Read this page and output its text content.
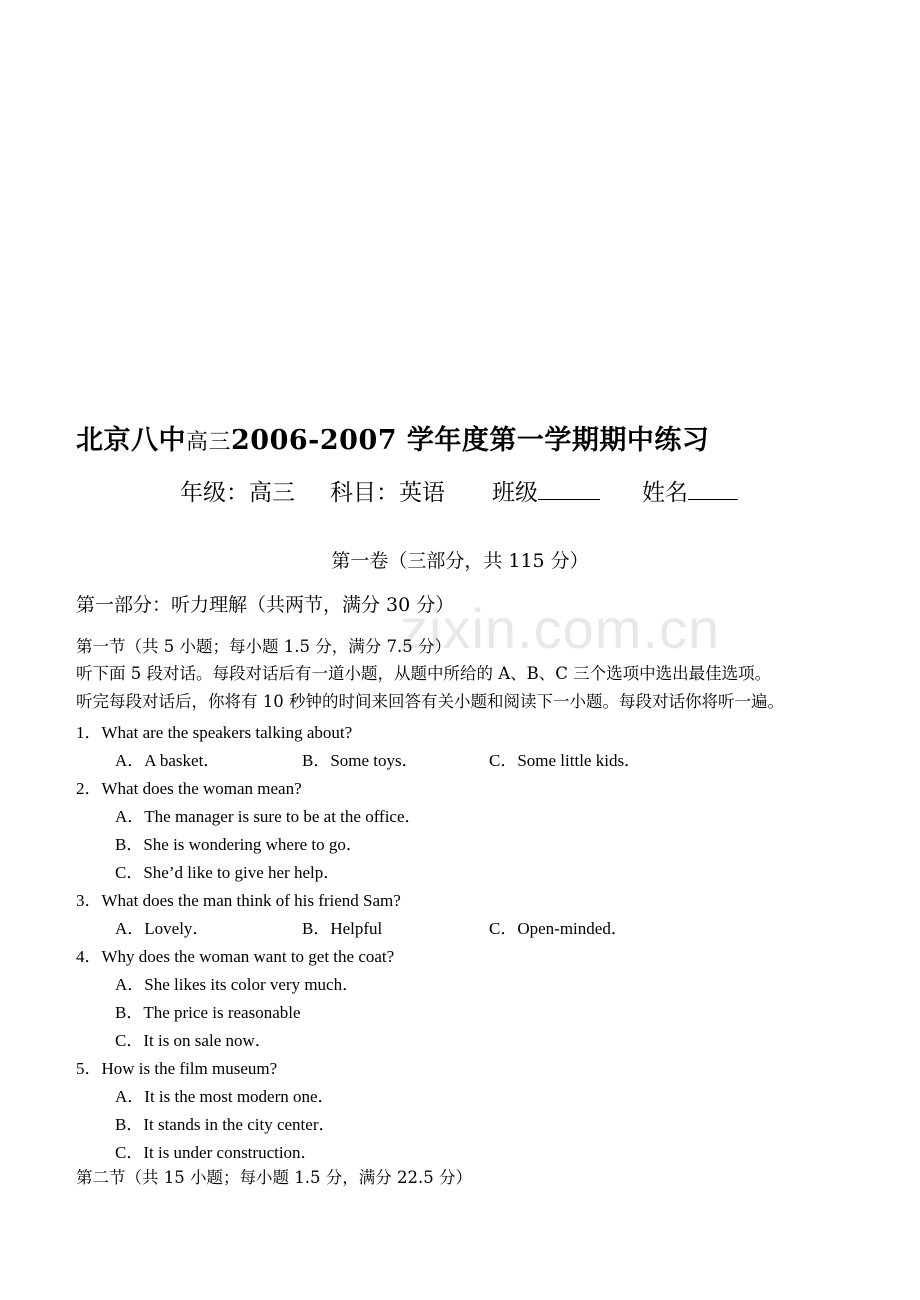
zixin.com.cn
北京八中高三2006-2007 学年度第一学期期中练习
年级：高三 科目：英语 班级	姓名
第一卷（三部分，共 115 分）
第一部分：听力理解（共两节，满分 30 分）
第一节（共 5 小题；每小题 1.5 分，满分 7.5 分）
听下面 5 段对话。每段对话后有一道小题，从题中所给的 A、B、C 三个选项中选出最佳选项。
听完每段对话后，你将有 10 秒钟的时间来回答有关小题和阅读下一小题。每段对话你将听一遍。
1．What are the speakers talking about?
A．A basket．	B．Some toys．	C．Some little kids．
2．What does the woman mean?
A．The manager is sure to be at the office．
B．She is wondering where to go．
C．She’d like to give her help．
3．What does the man think of his friend Sam?
A．Lovely．	B．Helpful	C．Open-minded．
4．Why does the woman want to get the coat?
A．She likes its color very much．
B．The price is reasonable
C．It is on sale now．
5．How is the film museum?
A．It is the most modern one．
B．It stands in the city center．
C．It is under construction．
第二节（共 15 小题；每小题 1.5 分，满分 22.5 分）
